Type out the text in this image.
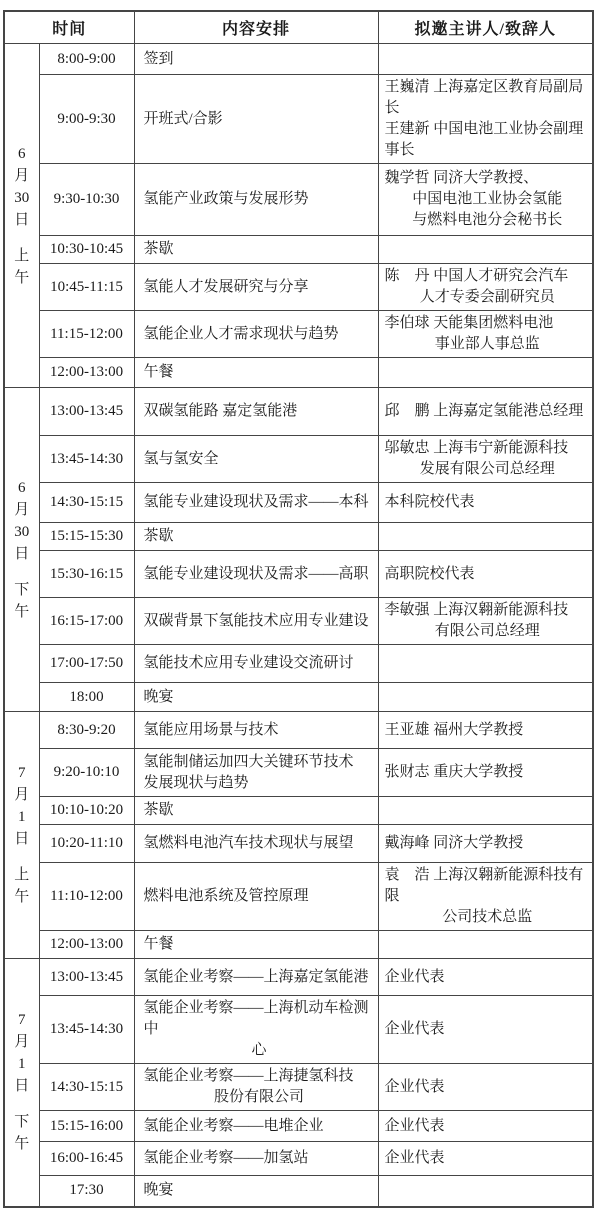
时间		内容安排	拟邀主讲人/致辞人

6
月
30
日
上
午
	8:00-9:00	签到

	9:00-9:30	开班式/合影	王巍清 上海嘉定区教育局副局长
王建新 中国电池工业协会副理事长

	9:30-10:30	氢能产业政策与发展形势	魏学哲 同济大学教授、
中国电池工业协会氢能
与燃料电池分会秘书长

	10:30-10:45	茶歇	

	10:45-11:15	氢能人才发展研究与分享	陈　丹 中国人才研究会汽车
人才专委会副研究员

	11:15-12:00	氢能企业人才需求现状与趋势	李伯球 天能集团燃料电池
事业部人事总监

	12:00-13:00	午餐	

6
月
30
日
下
午
	13:00-13:45	双碳氢能路 嘉定氢能港	邱　鹏 上海嘉定氢能港总经理

	13:45-14:30	氢与氢安全	邬敏忠 上海韦宁新能源科技
发展有限公司总经理

	14:30-15:15	氢能专业建设现状及需求——本科	本科院校代表

	15:15-15:30	茶歇	

	15:30-16:15	氢能专业建设现状及需求——高职	高职院校代表

	16:15-17:00	双碳背景下氢能技术应用专业建设	李敏强 上海汉翱新能源科技
有限公司总经理

	17:00-17:50	氢能技术应用专业建设交流研讨	

	18:00	晚宴	

7
月
1
日
上
午
	8:30-9:20	氢能应用场景与技术	王亚雄 福州大学教授

	9:20-10:10	氢能制储运加四大关键环节技术
发展现状与趋势	张财志 重庆大学教授

	10:10-10:20	茶歇	

	10:20-11:10	氢燃料电池汽车技术现状与展望	戴海峰 同济大学教授

	11:10-12:00	燃料电池系统及管控原理	袁　浩 上海汉翱新能源科技有限
公司技术总监

	12:00-13:00	午餐	

7
月
1
日
下
午
	13:00-13:45	氢能企业考察——上海嘉定氢能港	企业代表

	13:45-14:30	氢能企业考察——上海机动车检测中
心	企业代表

	14:30-15:15	氢能企业考察——上海捷氢科技
股份有限公司	企业代表

	15:15-16:00	氢能企业考察——电堆企业	企业代表

	16:00-16:45	氢能企业考察——加氢站	企业代表

	17:30	晚宴	
